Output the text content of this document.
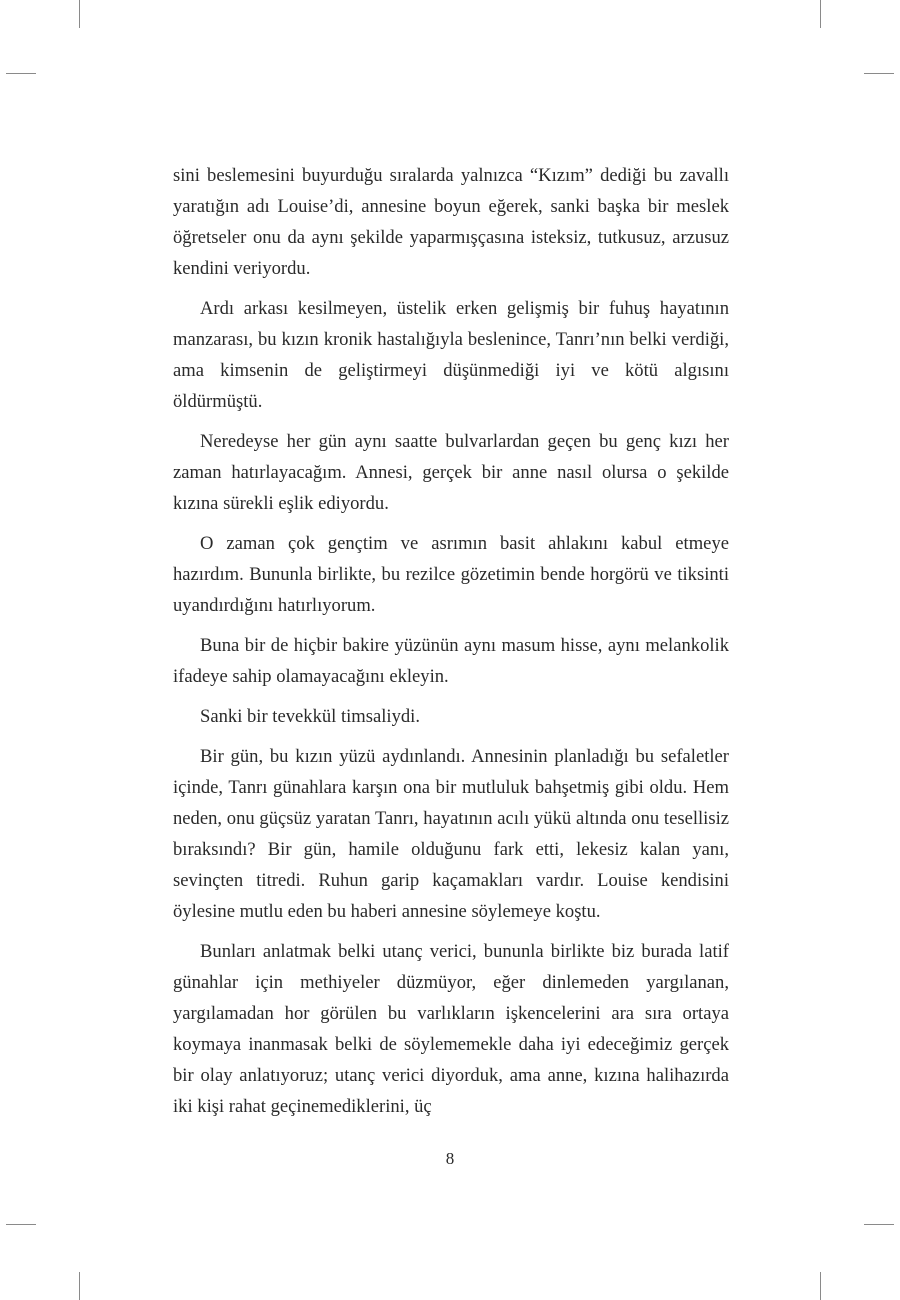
sini beslemesini buyurduğu sıralarda yalnızca “Kızım” dediği bu zavallı yaratığın adı Louise’di, annesine boyun eğerek, sanki başka bir meslek öğretseler onu da aynı şekilde yaparmışçasına isteksiz, tutkusuz, arzusuz kendini veriyordu.

Ardı arkası kesilmeyen, üstelik erken gelişmiş bir fuhuş hayatının manzarası, bu kızın kronik hastalığıyla beslenince, Tanrı’nın belki verdiği, ama kimsenin de geliştirmeyi düşünmediği iyi ve kötü algısını öldürmüştü.

Neredeyse her gün aynı saatte bulvarlardan geçen bu genç kızı her zaman hatırlayacağım. Annesi, gerçek bir anne nasıl olursa o şekilde kızına sürekli eşlik ediyordu.

O zaman çok gençtim ve asrımın basit ahlakını kabul etmeye hazırdım. Bununla birlikte, bu rezilce gözetimin bende horgörü ve tiksinti uyandırdığını hatırlıyorum.

Buna bir de hiçbir bakire yüzünün aynı masum hisse, aynı melankolik ifadeye sahip olamayacağını ekleyin.

Sanki bir tevekkül timsaliydi.

Bir gün, bu kızın yüzü aydınlandı. Annesinin planladığı bu sefaletler içinde, Tanrı günahlara karşın ona bir mutluluk bahşetmiş gibi oldu. Hem neden, onu güçsüz yaratan Tanrı, hayatının acılı yükü altında onu tesellisiz bıraksındı? Bir gün, hamile olduğunu fark etti, lekesiz kalan yanı, sevinçten titredi. Ruhun garip kaçamakları vardır. Louise kendisini öylesine mutlu eden bu haberi annesine söylemeye koştu.

Bunları anlatmak belki utanç verici, bununla birlikte biz burada latif günahlar için methiyeler düzmüyor, eğer dinlemeden yargılanan, yargılamadan hor görülen bu varlıkların işkencelerini ara sıra ortaya koymaya inanmasak belki de söylememekle daha iyi edeceğimiz gerçek bir olay anlatıyoruz; utanç verici diyorduk, ama anne, kızına halihazırda iki kişi rahat geçinemediklerini, üç

8
